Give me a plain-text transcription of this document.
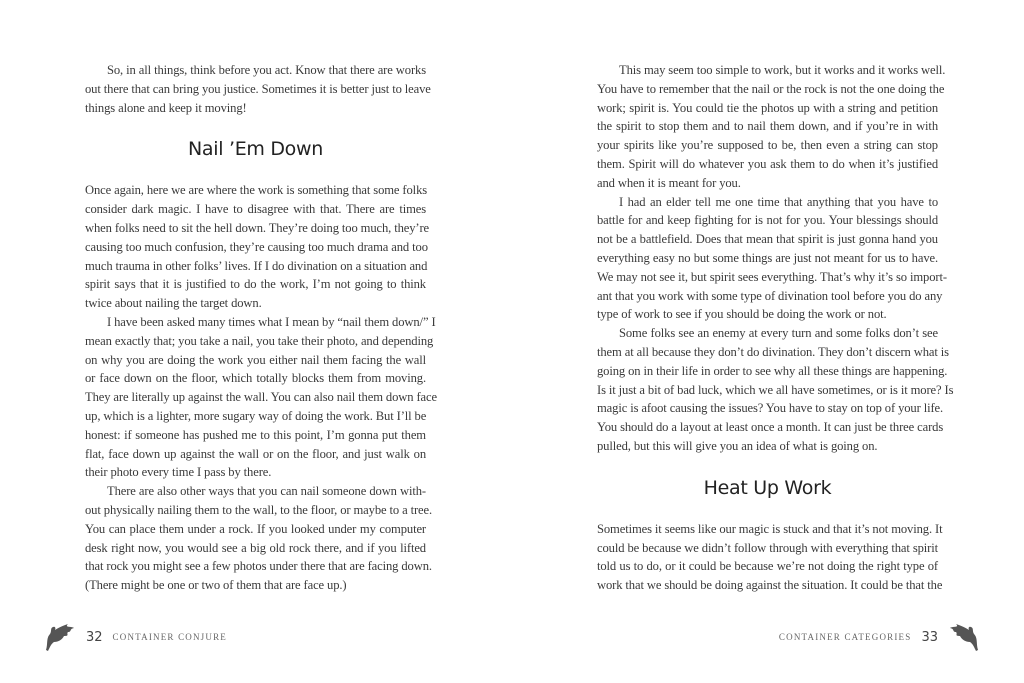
So, in all things, think before you act. Know that there are works
out there that can bring you justice. Sometimes it is better just to leave
things alone and keep it moving!
Nail ’Em Down
Once again, here we are where the work is something that some folks
consider dark magic. I have to disagree with that. There are times
when folks need to sit the hell down. They’re doing too much, they’re
causing too much confusion, they’re causing too much drama and too
much trauma in other folks’ lives. If I do divination on a situation and
spirit says that it is justified to do the work, I’m not going to think
twice about nailing the target down.
I have been asked many times what I mean by “nail them down/” I
mean exactly that; you take a nail, you take their photo, and depending
on why you are doing the work you either nail them facing the wall
or face down on the floor, which totally blocks them from moving.
They are literally up against the wall. You can also nail them down face
up, which is a lighter, more sugary way of doing the work. But I’ll be
honest: if someone has pushed me to this point, I’m gonna put them
flat, face down up against the wall or on the floor, and just walk on
their photo every time I pass by there.
There are also other ways that you can nail someone down with-
out physically nailing them to the wall, to the floor, or maybe to a tree.
You can place them under a rock. If you looked under my computer
desk right now, you would see a big old rock there, and if you lifted
that rock you might see a few photos under there that are facing down.
(There might be one or two of them that are face up.)
32 CONTAINER CONJURE
This may seem too simple to work, but it works and it works well.
You have to remember that the nail or the rock is not the one doing the
work; spirit is. You could tie the photos up with a string and petition
the spirit to stop them and to nail them down, and if you’re in with
your spirits like you’re supposed to be, then even a string can stop
them. Spirit will do whatever you ask them to do when it’s justified
and when it is meant for you.
I had an elder tell me one time that anything that you have to
battle for and keep fighting for is not for you. Your blessings should
not be a battlefield. Does that mean that spirit is just gonna hand you
everything easy no but some things are just not meant for us to have.
We may not see it, but spirit sees everything. That’s why it’s so import-
ant that you work with some type of divination tool before you do any
type of work to see if you should be doing the work or not.
Some folks see an enemy at every turn and some folks don’t see
them at all because they don’t do divination. They don’t discern what is
going on in their life in order to see why all these things are happening.
Is it just a bit of bad luck, which we all have sometimes, or is it more? Is
magic is afoot causing the issues? You have to stay on top of your life.
You should do a layout at least once a month. It can just be three cards
pulled, but this will give you an idea of what is going on.
Heat Up Work
Sometimes it seems like our magic is stuck and that it’s not moving. It
could be because we didn’t follow through with everything that spirit
told us to do, or it could be because we’re not doing the right type of
work that we should be doing against the situation. It could be that the
CONTAINER CATEGORIES 33
